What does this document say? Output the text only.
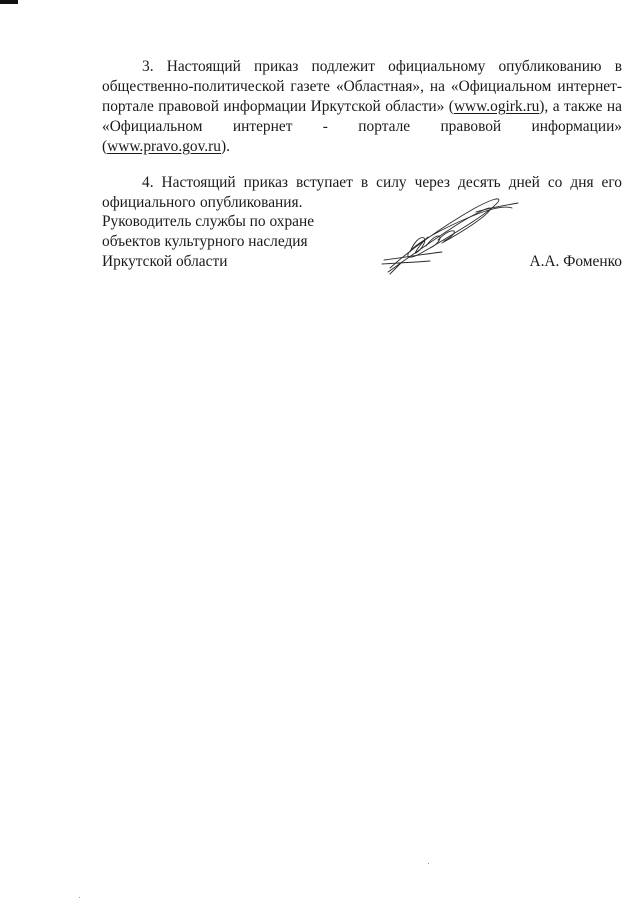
3. Настоящий приказ подлежит официальному опубликованию в общественно-политической газете «Областная», на «Официальном интернет-портале правовой информации Иркутской области» (www.ogirk.ru), а также на «Официальном интернет - портале правовой информации» (www.pravo.gov.ru).

4. Настоящий приказ вступает в силу через десять дней со дня его официального опубликования.

Руководитель службы по охране
объектов культурного наследия
Иркутской области	А.А. Фоменко
